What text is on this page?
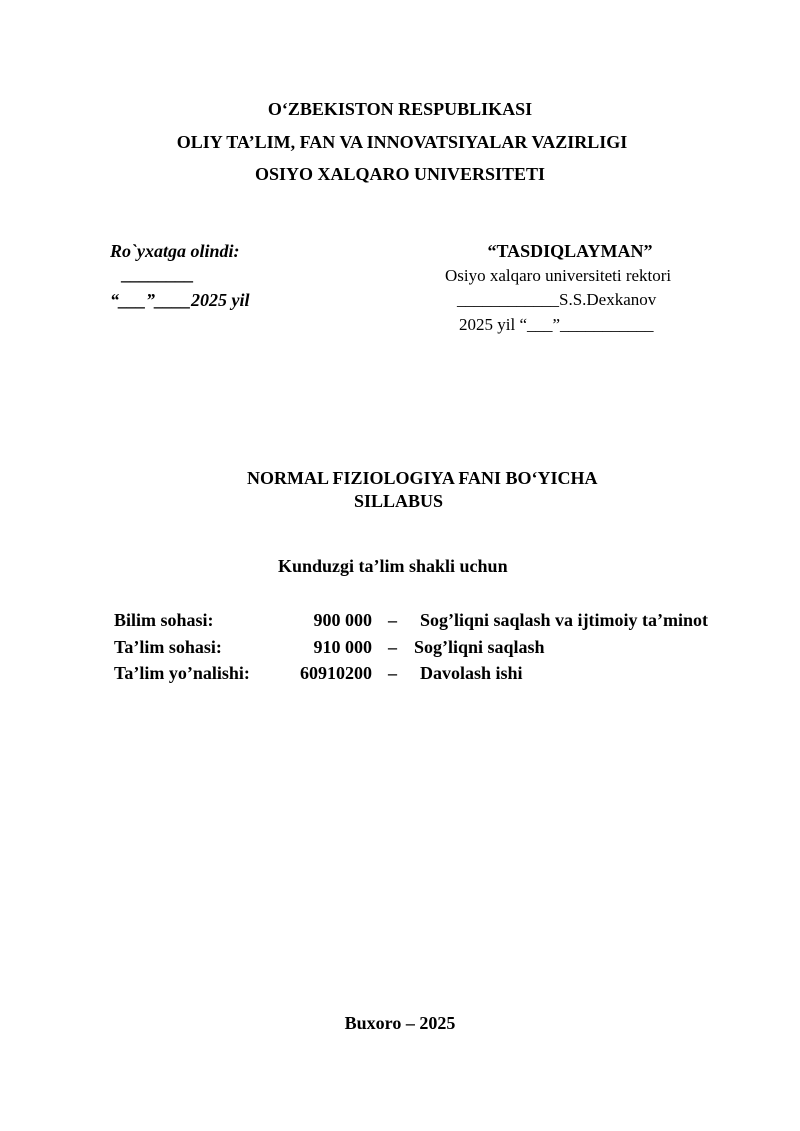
O‘ZBEKISTON RESPUBLIKASI
OLIY TA’LIM, FAN VA INNOVATSIYALAR VAZIRLIGI
OSIYO XALQARO UNIVERSITETI
Ro`yxatga olindi:
________
“___”____2025 yil
“TASDIQLAYMAN”
Osiyo xalqaro universiteti rektori
____________S.S.Dexkanov
2025 yil “___”___________
NORMAL FIZIOLOGIYA FANI BO‘YICHA
SILLABUS
Kunduzgi ta’lim shakli uchun
Bilim sohasi:	900 000 – Sog’liqni saqlash va ijtimoiy ta’minot
Ta’lim sohasi:	910 000 – Sog’liqni saqlash
Ta’lim yo’nalishi:	60910200 – Davolash ishi
Buxoro – 2025
